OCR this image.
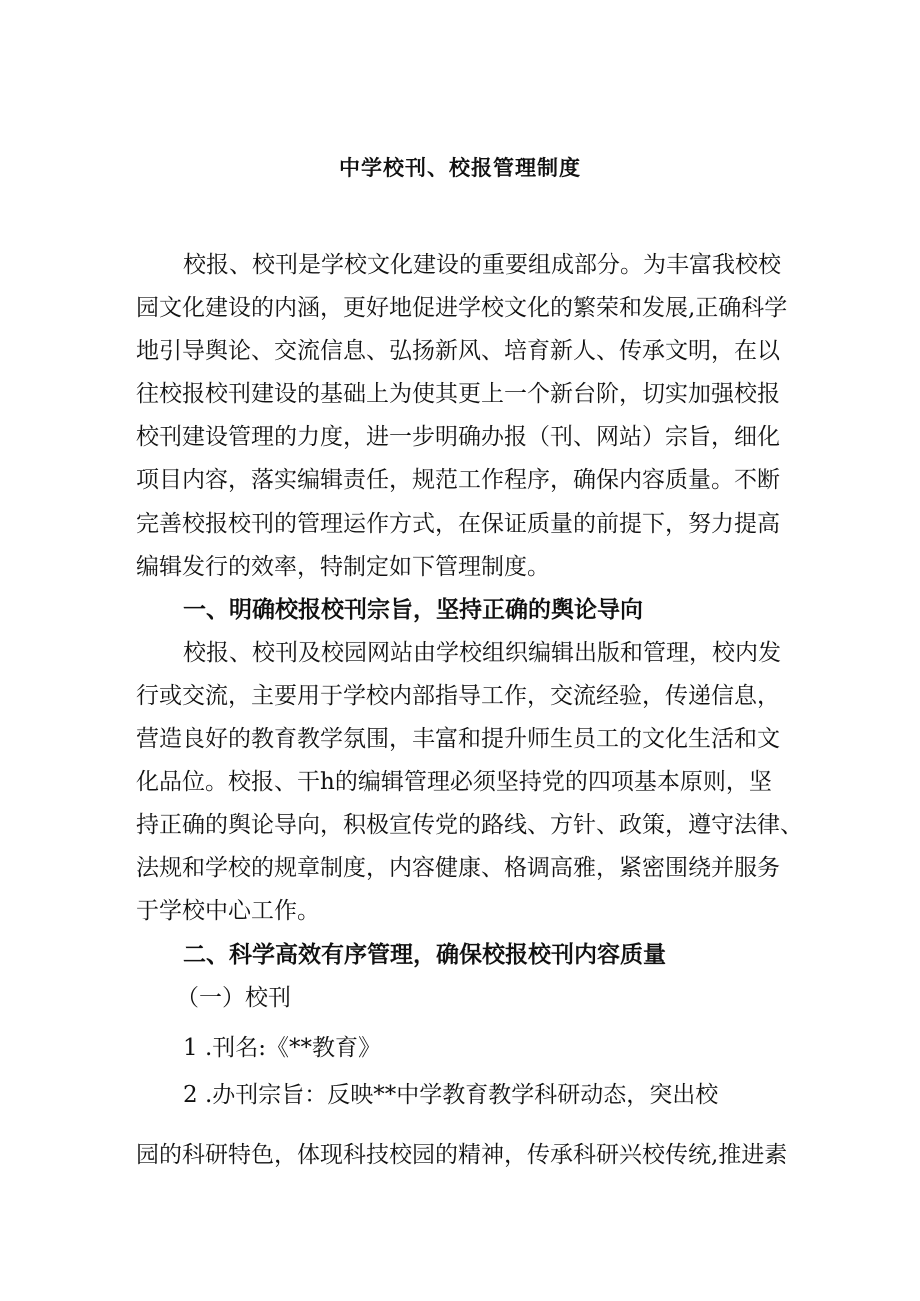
中学校刊、校报管理制度
校报、校刊是学校文化建设的重要组成部分。为丰富我校校
园文化建设的内涵，更好地促进学校文化的繁荣和发展,正确科学
地引导舆论、交流信息、弘扬新风、培育新人、传承文明，在以
往校报校刊建设的基础上为使其更上一个新台阶，切实加强校报
校刊建设管理的力度，进一步明确办报（刊、网站）宗旨，细化
项目内容，落实编辑责任，规范工作程序，确保内容质量。不断
完善校报校刊的管理运作方式，在保证质量的前提下，努力提高
编辑发行的效率，特制定如下管理制度。
一、明确校报校刊宗旨，坚持正确的舆论导向
校报、校刊及校园网站由学校组织编辑出版和管理，校内发
行或交流，主要用于学校内部指导工作，交流经验，传递信息，
营造良好的教育教学氛围，丰富和提升师生员工的文化生活和文
化品位。校报、干h的编辑管理必须坚持党的四项基本原则，坚
持正确的舆论导向，积极宣传党的路线、方针、政策，遵守法律、
法规和学校的规章制度，内容健康、格调高雅，紧密围绕并服务
于学校中心工作。
二、科学高效有序管理，确保校报校刊内容质量
（一）校刊
1 .刊名:《**教育》
2 .办刊宗旨：反映**中学教育教学科研动态，突出校
园的科研特色，体现科技校园的精神，传承科研兴校传统,推进素
